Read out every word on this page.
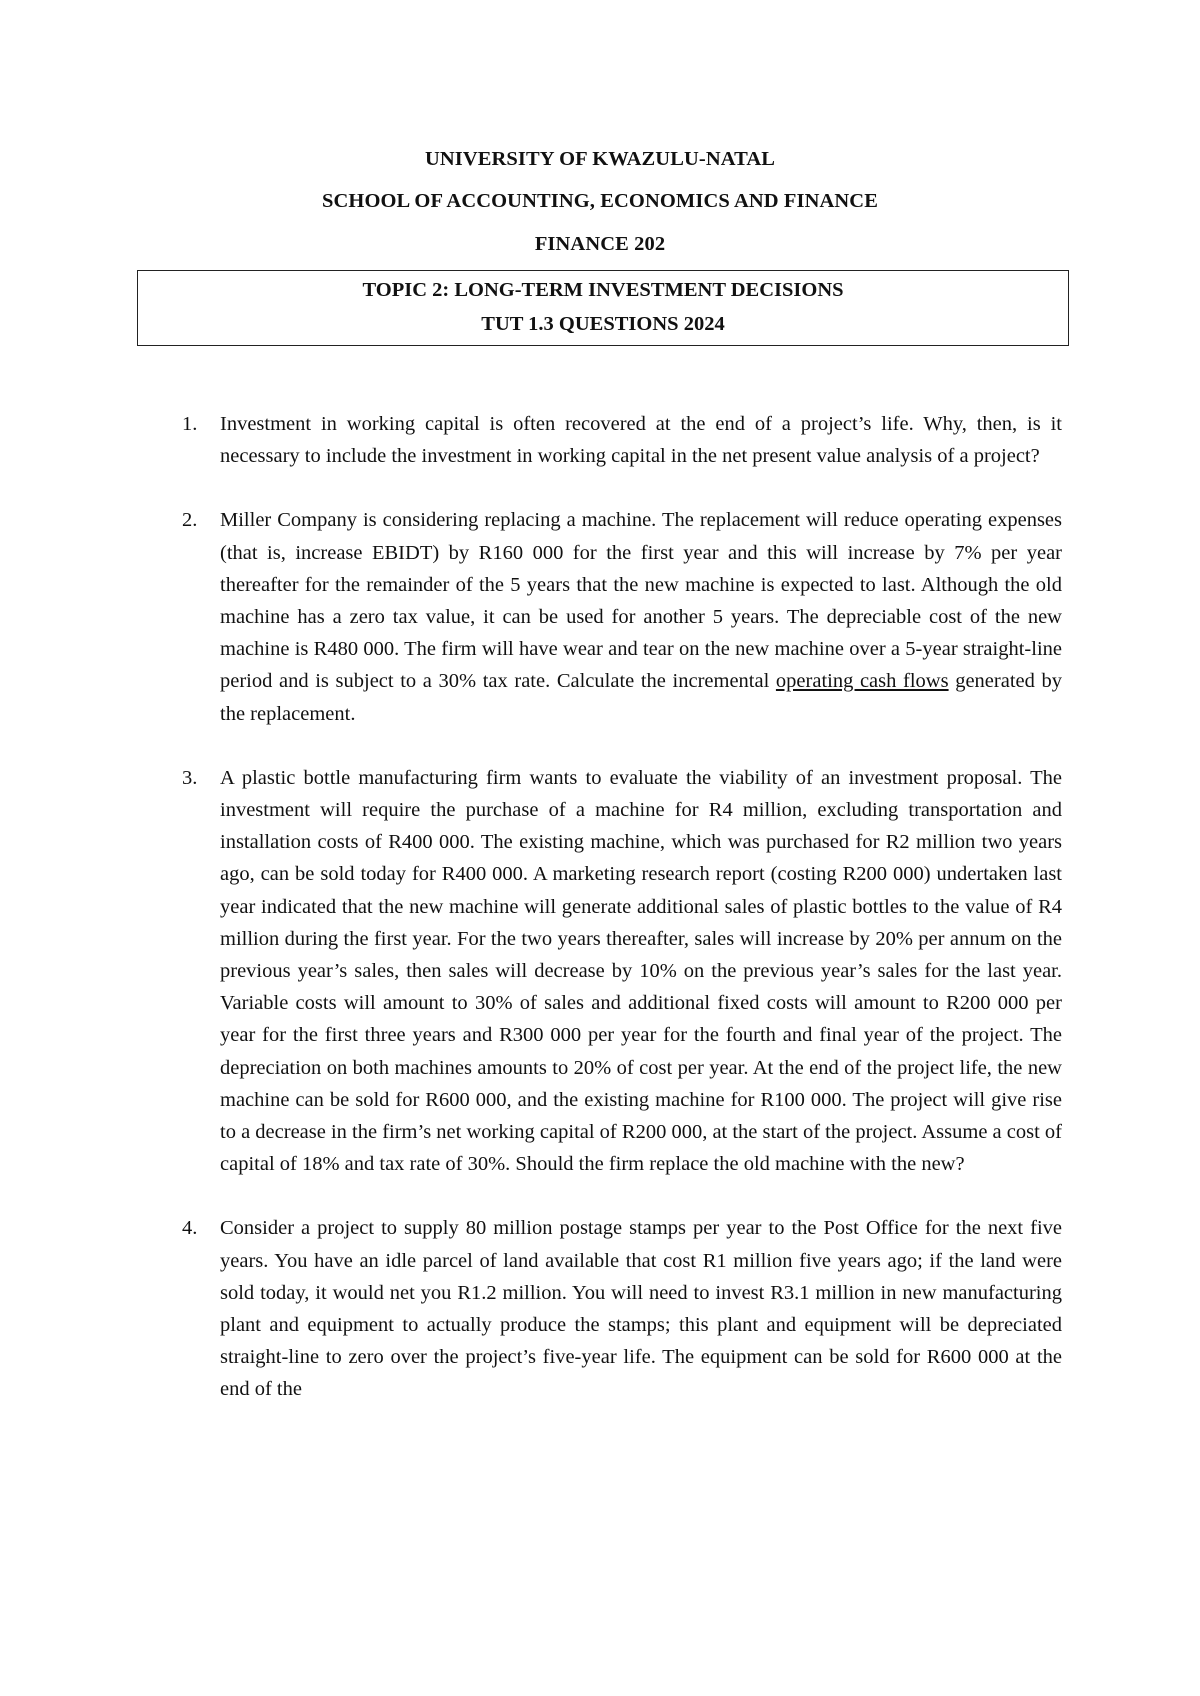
UNIVERSITY OF KWAZULU-NATAL
SCHOOL OF ACCOUNTING, ECONOMICS AND FINANCE
FINANCE 202
TOPIC 2: LONG-TERM INVESTMENT DECISIONS
TUT 1.3 QUESTIONS 2024
1. Investment in working capital is often recovered at the end of a project’s life. Why, then, is it necessary to include the investment in working capital in the net present value analysis of a project?
2. Miller Company is considering replacing a machine. The replacement will reduce operating expenses (that is, increase EBIDT) by R160 000 for the first year and this will increase by 7% per year thereafter for the remainder of the 5 years that the new machine is expected to last. Although the old machine has a zero tax value, it can be used for another 5 years. The depreciable cost of the new machine is R480 000. The firm will have wear and tear on the new machine over a 5-year straight-line period and is subject to a 30% tax rate. Calculate the incremental operating cash flows generated by the replacement.
3. A plastic bottle manufacturing firm wants to evaluate the viability of an investment proposal. The investment will require the purchase of a machine for R4 million, excluding transportation and installation costs of R400 000. The existing machine, which was purchased for R2 million two years ago, can be sold today for R400 000. A marketing research report (costing R200 000) undertaken last year indicated that the new machine will generate additional sales of plastic bottles to the value of R4 million during the first year. For the two years thereafter, sales will increase by 20% per annum on the previous year’s sales, then sales will decrease by 10% on the previous year’s sales for the last year. Variable costs will amount to 30% of sales and additional fixed costs will amount to R200 000 per year for the first three years and R300 000 per year for the fourth and final year of the project. The depreciation on both machines amounts to 20% of cost per year. At the end of the project life, the new machine can be sold for R600 000, and the existing machine for R100 000. The project will give rise to a decrease in the firm’s net working capital of R200 000, at the start of the project. Assume a cost of capital of 18% and tax rate of 30%. Should the firm replace the old machine with the new?
4. Consider a project to supply 80 million postage stamps per year to the Post Office for the next five years. You have an idle parcel of land available that cost R1 million five years ago; if the land were sold today, it would net you R1.2 million. You will need to invest R3.1 million in new manufacturing plant and equipment to actually produce the stamps; this plant and equipment will be depreciated straight-line to zero over the project’s five-year life. The equipment can be sold for R600 000 at the end of the
